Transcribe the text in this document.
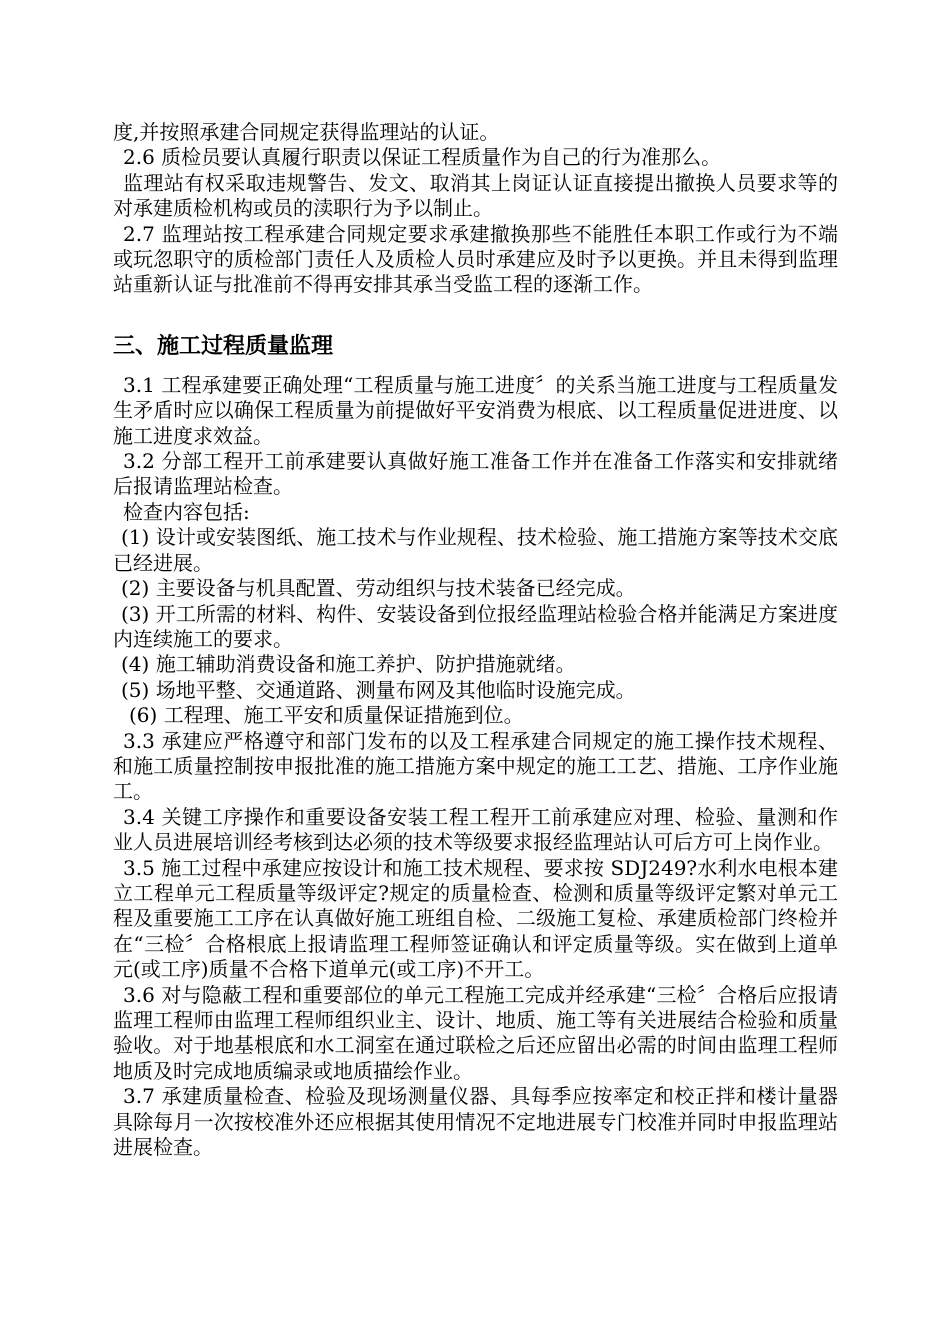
度,并按照承建合同规定获得监理站的认证。

2.6 质检员要认真履行职责以保证工程质量作为自己的行为准那么。

监理站有权采取违规警告、发文、取消其上岗证认证直接提出撤换人员要求等的对承建质检机构或员的渎职行为予以制止。

2.7 监理站按工程承建合同规定要求承建撤换那些不能胜任本职工作或行为不端或玩忽职守的质检部门责任人及质检人员时承建应及时予以更换。并且未得到监理站重新认证与批准前不得再安排其承当受监工程的逐渐工作。

三、施工过程质量监理

3.1 工程承建要正确处理“工程质量与施工进度〞的关系当施工进度与工程质量发生矛盾时应以确保工程质量为前提做好平安消费为根底、以工程质量促进进度、以施工进度求效益。

3.2 分部工程开工前承建要认真做好施工准备工作并在准备工作落实和安排就绪后报请监理站检查。

检查内容包括:

(1) 设计或安装图纸、施工技术与作业规程、技术检验、施工措施方案等技术交底已经进展。

(2) 主要设备与机具配置、劳动组织与技术装备已经完成。

(3) 开工所需的材料、构件、安装设备到位报经监理站检验合格并能满足方案进度内连续施工的要求。

(4) 施工辅助消费设备和施工养护、防护措施就绪。

(5) 场地平整、交通道路、测量布网及其他临时设施完成。

(6) 工程理、施工平安和质量保证措施到位。

3.3 承建应严格遵守和部门发布的以及工程承建合同规定的施工操作技术规程、和施工质量控制按申报批准的施工措施方案中规定的施工工艺、措施、工序作业施工。

3.4 关键工序操作和重要设备安装工程工程开工前承建应对理、检验、量测和作业人员进展培训经考核到达必须的技术等级要求报经监理站认可后方可上岗作业。

3.5 施工过程中承建应按设计和施工技术规程、要求按 SDJ249?水利水电根本建立工程单元工程质量等级评定?规定的质量检查、检测和质量等级评定繁对单元工程及重要施工工序在认真做好施工班组自检、二级施工复检、承建质检部门终检并在“三检〞合格根底上报请监理工程师签证确认和评定质量等级。实在做到上道单元(或工序)质量不合格下道单元(或工序)不开工。

3.6 对与隐蔽工程和重要部位的单元工程施工完成并经承建“三检〞合格后应报请监理工程师由监理工程师组织业主、设计、地质、施工等有关进展结合检验和质量验收。对于地基根底和水工洞室在通过联检之后还应留出必需的时间由监理工程师地质及时完成地质编录或地质描绘作业。

3.7 承建质量检查、检验及现场测量仪器、具每季应按率定和校正拌和楼计量器具除每月一次按校准外还应根据其使用情况不定地进展专门校准并同时申报监理站进展检查。
